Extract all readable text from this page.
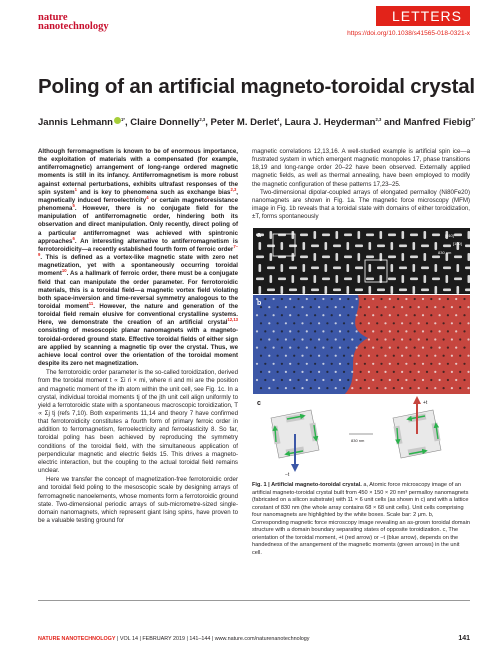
nature
nanotechnology
LETTERS
https://doi.org/10.1038/s41565-018-0321-x
Poling of an artificial magneto-toroidal crystal
Jannis Lehmann $^{1*}$, Claire Donnelly$^{2,3}$, Peter M. Derlet$^4$, Laura J. Heyderman$^{2,3}$ and Manfred Fiebig$^{1*}$

Although ferromagnetism is known to be of enormous importance, the exploitation of materials with a compensated (for example, antiferromagnetic) arrangement of long-range ordered magnetic moments is still in its infancy. Antiferromagnetism is more robust against external perturbations, exhibits ultrafast responses of the spin system$^1$ and is key to phenomena such as exchange bias$^{2,3}$, magnetically induced ferroelectricity$^4$ or certain magnetoresistance phenomena$^5$. However, there is no conjugate field for the manipulation of antiferromagnetic order, hindering both its observation and direct manipulation. Only recently, direct poling of a particular antiferromagnet was achieved with spintronic approaches$^6$. An interesting alternative to antiferromagnetism is ferrotoroidicity—a recently established fourth form of ferroic order$^{7-9}$. This is defined as a vortex-like magnetic state with zero net magnetization, yet with a spontaneously occurring toroidal moment$^{10}$. As a hallmark of ferroic order, there must be a conjugate field that can manipulate the order parameter. For ferrotoroidic materials, this is a toroidal field—a magnetic vortex field violating both space-inversion and time-reversal symmetry analogous to the toroidal moment$^{11}$. However, the nature and generation of the toroidal field remain elusive for conventional crystalline systems. Here, we demonstrate the creation of an artificial crystal$^{12,13}$ consisting of mesoscopic planar nanomagnets with a magneto-toroidal-ordered ground state. Effective toroidal fields of either sign are applied by scanning a magnetic tip over the crystal. Thus, we achieve local control over the orientation of the toroidal moment despite its zero net magnetization.

The ferrotoroidic order parameter is the so-called toroidization, derived from the toroidal moment t ∝ Σi ri × mi, where ri and mi are the position and magnetic moment of the ith atom within the unit cell, see Fig. 1c. In a crystal, individual toroidal moments tj of the jth unit cell align uniformly to yield a ferrotoroidic state with a spontaneous macroscopic toroidization, T ∝ Σj tj (refs 7,10). Both experiments 11,14 and theory 7 have confirmed that ferrotoroidicity constitutes a fourth form of primary ferroic order in addition to ferromagnetism, ferroelectricity and ferroelasticity 8. So far, toroidal poling has been achieved by reproducing the symmetry conditions of the toroidal field, with the simultaneous application of perpendicular magnetic and electric fields 15. This drives a magneto-electric interaction, but the coupling to the actual toroidal field remains unclear.

Here we transfer the concept of magnetization-free ferrotoroidic order and toroidal field poling to the mesoscopic scale by designing arrays of ferromagnetic nanoelements, whose moments form a ferrotoroidic ground state. Two-dimensional periodic arrays of sub-micrometre-sized single-domain nanomagnets, which represent giant Ising spins, have proven to be a valuable testing ground for

magnetic correlations 12,13,16. A well-studied example is artificial spin ice—a frustrated system in which emergent magnetic monopoles 17, phase transitions 18,19 and long-range order 20–22 have been observed. Externally applied magnetic fields, as well as thermal annealing, have been employed to modify the magnetic configuration of these patterns 17,23–25.

Two-dimensional dipolar-coupled arrays of elongated permalloy (Ni80Fe20) nanomagnets are shown in Fig. 1a. The magnetic force microscopy (MFM) image in Fig. 1b reveals that a toroidal state with domains of either toroidization, ±T, forms spontaneously

a	[010]
[100]
830 nm
b
c
−t
+t
830 nm
Fig. 1 | Artificial magneto-toroidal crystal. a, Atomic force microscopy image of an artificial magneto-toroidal crystal built from 450 × 150 × 20 nm³ permalloy nanomagnets (fabricated on a silicon substrate) with 11 × 6 unit cells (as shown in c) and with a lattice constant of 830 nm (the whole array contains 68 × 68 unit cells). Unit cells comprising four nanomagnets are highlighted by the white boxes. Scale bar: 2 μm. b, Corresponding magnetic force microscopy image revealing an as-grown toroidal domain structure with a domain boundary separating states of opposite toroidization. c, The orientation of the toroidal moment, +t (red arrow) or −t (blue arrow), depends on the handedness of the arrangement of the magnetic moments (green arrows) in the unit cell.
NATURE NANOTECHNOLOGY | VOL 14 | FEBRUARY 2019 | 141–144 | www.nature.com/naturenanotechnology	141
